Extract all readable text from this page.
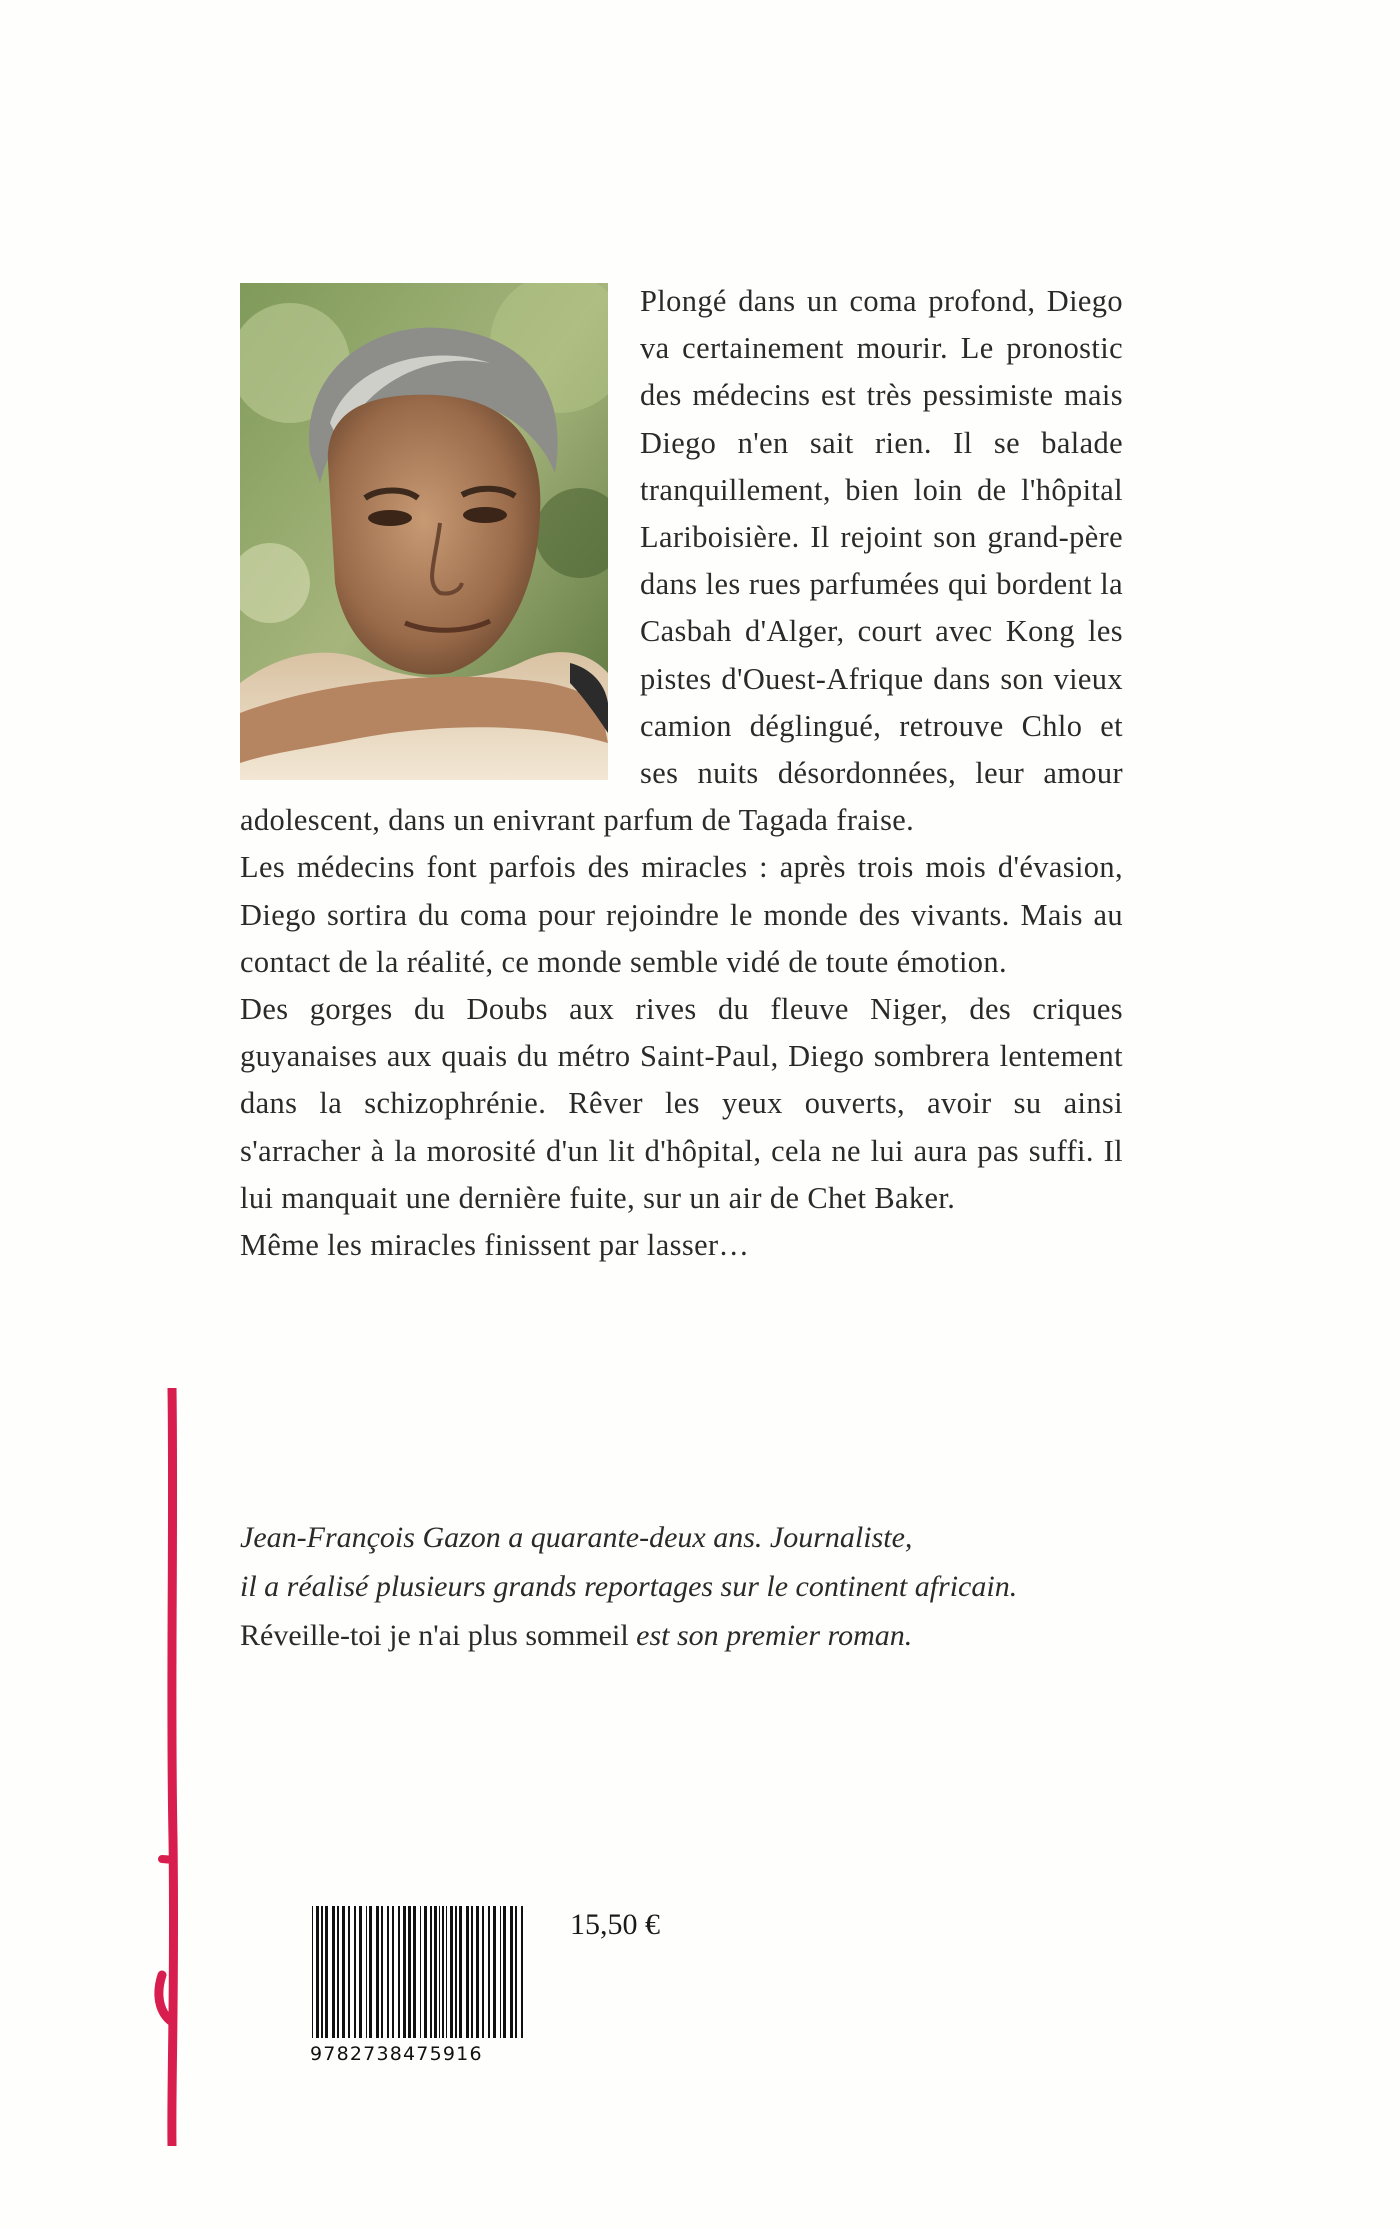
Plongé dans un coma profond, Diego va certainement mourir. Le pronostic des médecins est très pessimiste mais Diego n'en sait rien. Il se balade tranquillement, bien loin de l'hôpital Lariboisière. Il rejoint son grand-père dans les rues parfumées qui bordent la Casbah d'Alger, court avec Kong les pistes d'Ouest-Afrique dans son vieux camion déglingué, retrouve Chlo et ses nuits désordonnées, leur amour adolescent, dans un enivrant parfum de Tagada fraise.

Les médecins font parfois des miracles : après trois mois d'évasion, Diego sortira du coma pour rejoindre le monde des vivants. Mais au contact de la réalité, ce monde semble vidé de toute émotion.

Des gorges du Doubs aux rives du fleuve Niger, des criques guyanaises aux quais du métro Saint-Paul, Diego sombrera lentement dans la schizophrénie. Rêver les yeux ouverts, avoir su ainsi s'arracher à la morosité d'un lit d'hôpital, cela ne lui aura pas suffi. Il lui manquait une dernière fuite, sur un air de Chet Baker.

Même les miracles finissent par lasser…

Jean-François Gazon a quarante-deux ans. Journaliste,
il a réalisé plusieurs grands reportages sur le continent africain.
Réveille-toi je n'ai plus sommeil est son premier roman.
9782738475916
15,50 €
